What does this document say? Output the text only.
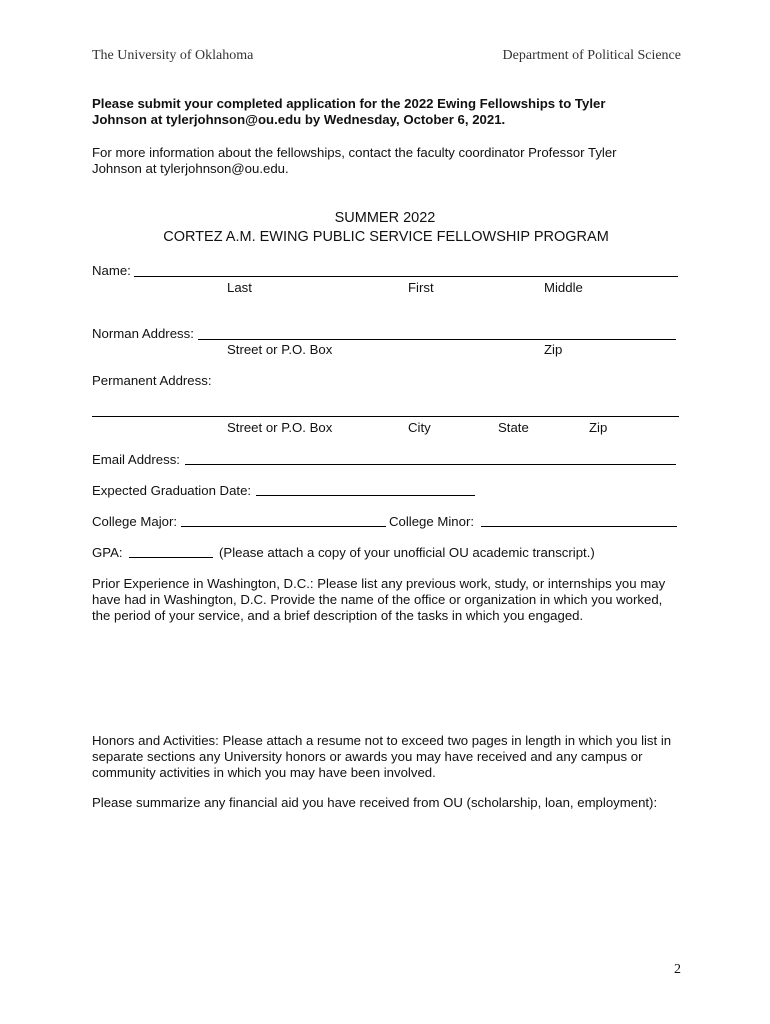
The University of Oklahoma	Department of Political Science
Please submit your completed application for the 2022 Ewing Fellowships to Tyler
Johnson at tylerjohnson@ou.edu by Wednesday, October 6, 2021.
For more information about the fellowships, contact the faculty coordinator Professor Tyler
Johnson at tylerjohnson@ou.edu.
SUMMER 2022
CORTEZ A.M. EWING PUBLIC SERVICE FELLOWSHIP PROGRAM
Name:
Last	First	Middle
Norman Address:
Street or P.O. Box	Zip
Permanent Address:
Street or P.O. Box	City	State	Zip
Email Address:
Expected Graduation Date:
College Major:	College Minor:
GPA:	(Please attach a copy of your unofficial OU academic transcript.)
Prior Experience in Washington, D.C.: Please list any previous work, study, or internships you may
have had in Washington, D.C. Provide the name of the office or organization in which you worked,
the period of your service, and a brief description of the tasks in which you engaged.
Honors and Activities: Please attach a resume not to exceed two pages in length in which you list in
separate sections any University honors or awards you may have received and any campus or
community activities in which you may have been involved.
Please summarize any financial aid you have received from OU (scholarship, loan, employment):
2
